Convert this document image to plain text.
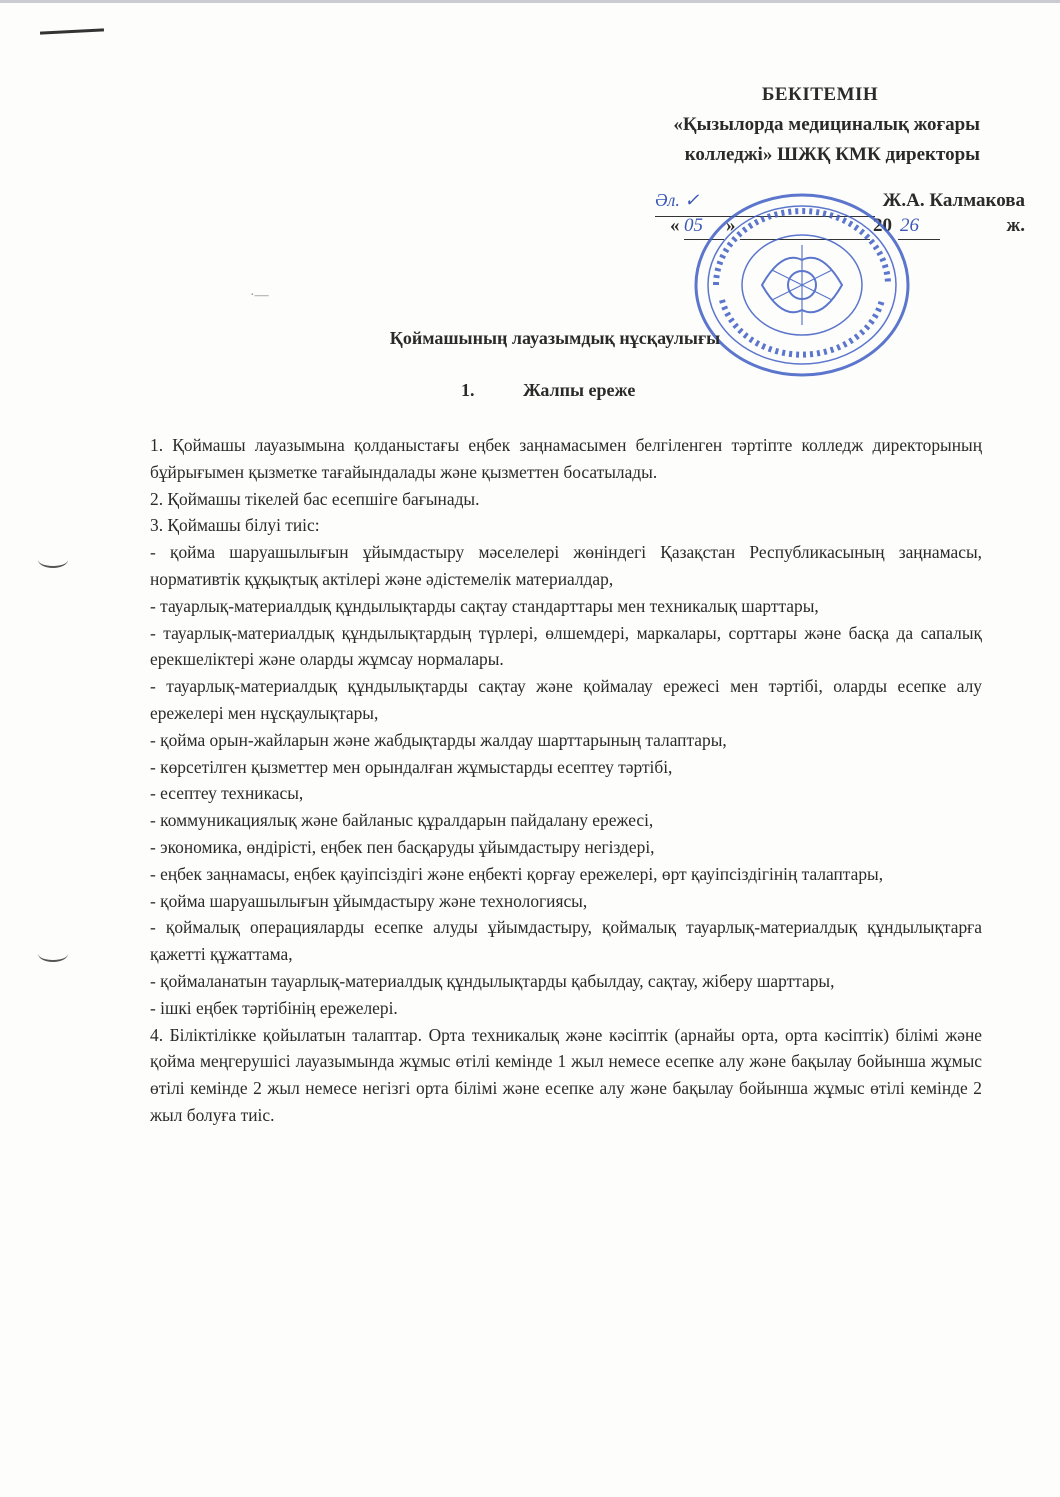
БЕКІТЕМІН
«Қызылорда медициналық жоғары
колледжі» ШЖҚ КМК директоры
Әл. ✓	Ж.А. Калмакова
« 05 »	20 26	ж.
·—
Қоймашының лауазымдық нұсқаулығы
1.	Жалпы ереже

1. Қоймашы лауазымына қолданыстағы еңбек заңнамасымен белгіленген тәртіпте колледж директорының бұйрығымен қызметке тағайындалады және қызметтен босатылады.

2. Қоймашы тікелей бас есепшіге бағынады.

3. Қоймашы білуі тиіс:

- қойма шаруашылығын ұйымдастыру мәселелері жөніндегі Қазақстан Республикасының заңнамасы, нормативтік құқықтық актілері және әдістемелік материалдар,

- тауарлық-материалдық құндылықтарды сақтау стандарттары мен техникалық шарттары,

- тауарлық-материалдық құндылықтардың түрлері, өлшемдері, маркалары, сорттары және басқа да сапалық ерекшеліктері және оларды жұмсау нормалары.

- тауарлық-материалдық құндылықтарды сақтау және қоймалау ережесі мен тәртібі, оларды есепке алу ережелері мен нұсқаулықтары,

- қойма орын-жайларын және жабдықтарды жалдау шарттарының талаптары,

- көрсетілген қызметтер мен орындалған жұмыстарды есептеу тәртібі,

- есептеу техникасы,

- коммуникациялық және байланыс құралдарын пайдалану ережесі,

- экономика, өндірісті, еңбек пен басқаруды ұйымдастыру негіздері,

- еңбек заңнамасы, еңбек қауіпсіздігі және еңбекті қорғау ережелері, өрт қауіпсіздігінің талаптары,

- қойма шаруашылығын ұйымдастыру және технологиясы,

- қоймалық операцияларды есепке алуды ұйымдастыру, қоймалық тауарлық-материалдық құндылықтарға қажетті құжаттама,

- қоймаланатын тауарлық-материалдық құндылықтарды қабылдау, сақтау, жіберу шарттары,

- ішкі еңбек тәртібінің ережелері.

4. Біліктілікке қойылатын талаптар. Орта техникалық және кәсіптік (арнайы орта, орта кәсіптік) білімі және қойма меңгерушісі лауазымында жұмыс өтілі кемінде 1 жыл немесе есепке алу және бақылау бойынша жұмыс өтілі кемінде 2 жыл немесе негізгі орта білімі және есепке алу және бақылау бойынша жұмыс өтілі кемінде 2 жыл болуға тиіс.
